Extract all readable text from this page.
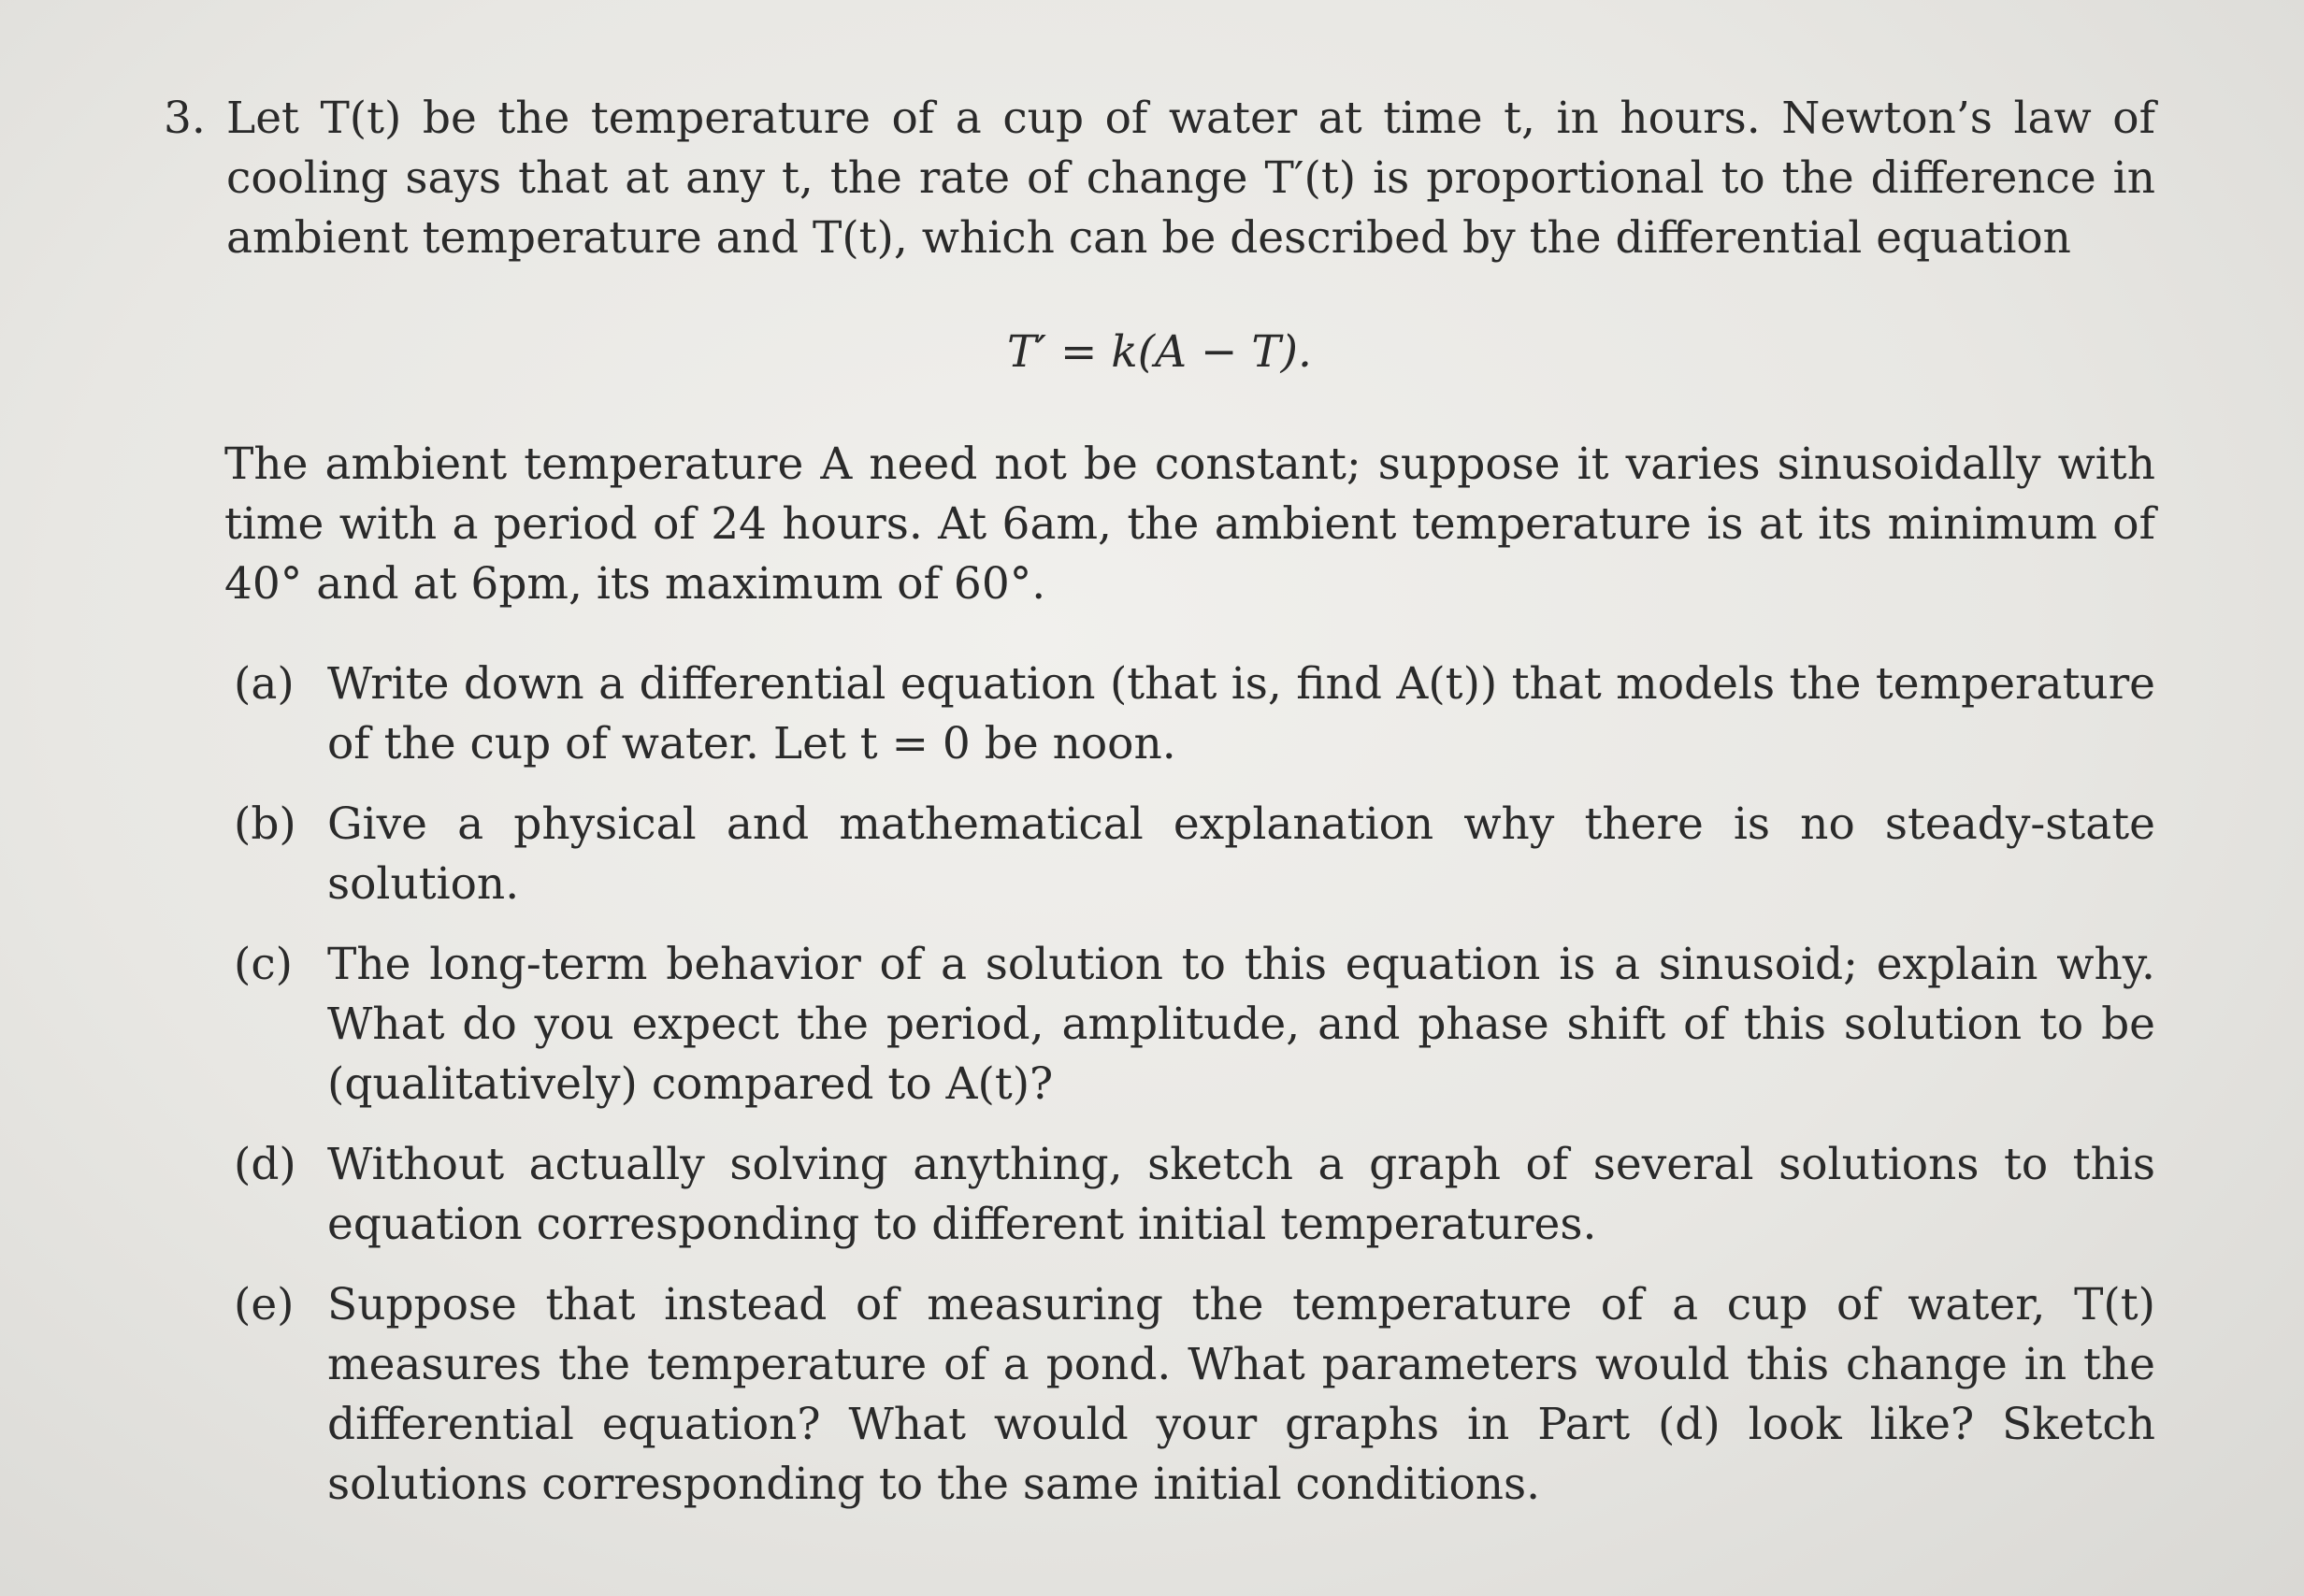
3. Let T(t) be the temperature of a cup of water at time t, in hours. Newton’s law of cooling says that at any t, the rate of change T′(t) is proportional to the difference in ambient temperature and T(t), which can be described by the differential equation

T′ = k(A − T).

The ambient temperature A need not be constant; suppose it varies sinusoidally with time with a period of 24 hours. At 6am, the ambient temperature is at its minimum of 40° and at 6pm, its maximum of 60°.

(a) Write down a differential equation (that is, find A(t)) that models the temperature of the cup of water. Let t = 0 be noon.
(b) Give a physical and mathematical explanation why there is no steady-state solution.
(c) The long-term behavior of a solution to this equation is a sinusoid; explain why. What do you expect the period, amplitude, and phase shift of this solution to be (qualitatively) compared to A(t)?
(d) Without actually solving anything, sketch a graph of several solutions to this equation corresponding to different initial temperatures.
(e) Suppose that instead of measuring the temperature of a cup of water, T(t) measures the temperature of a pond. What parameters would this change in the differential equation? What would your graphs in Part (d) look like? Sketch solutions corresponding to the same initial conditions.
